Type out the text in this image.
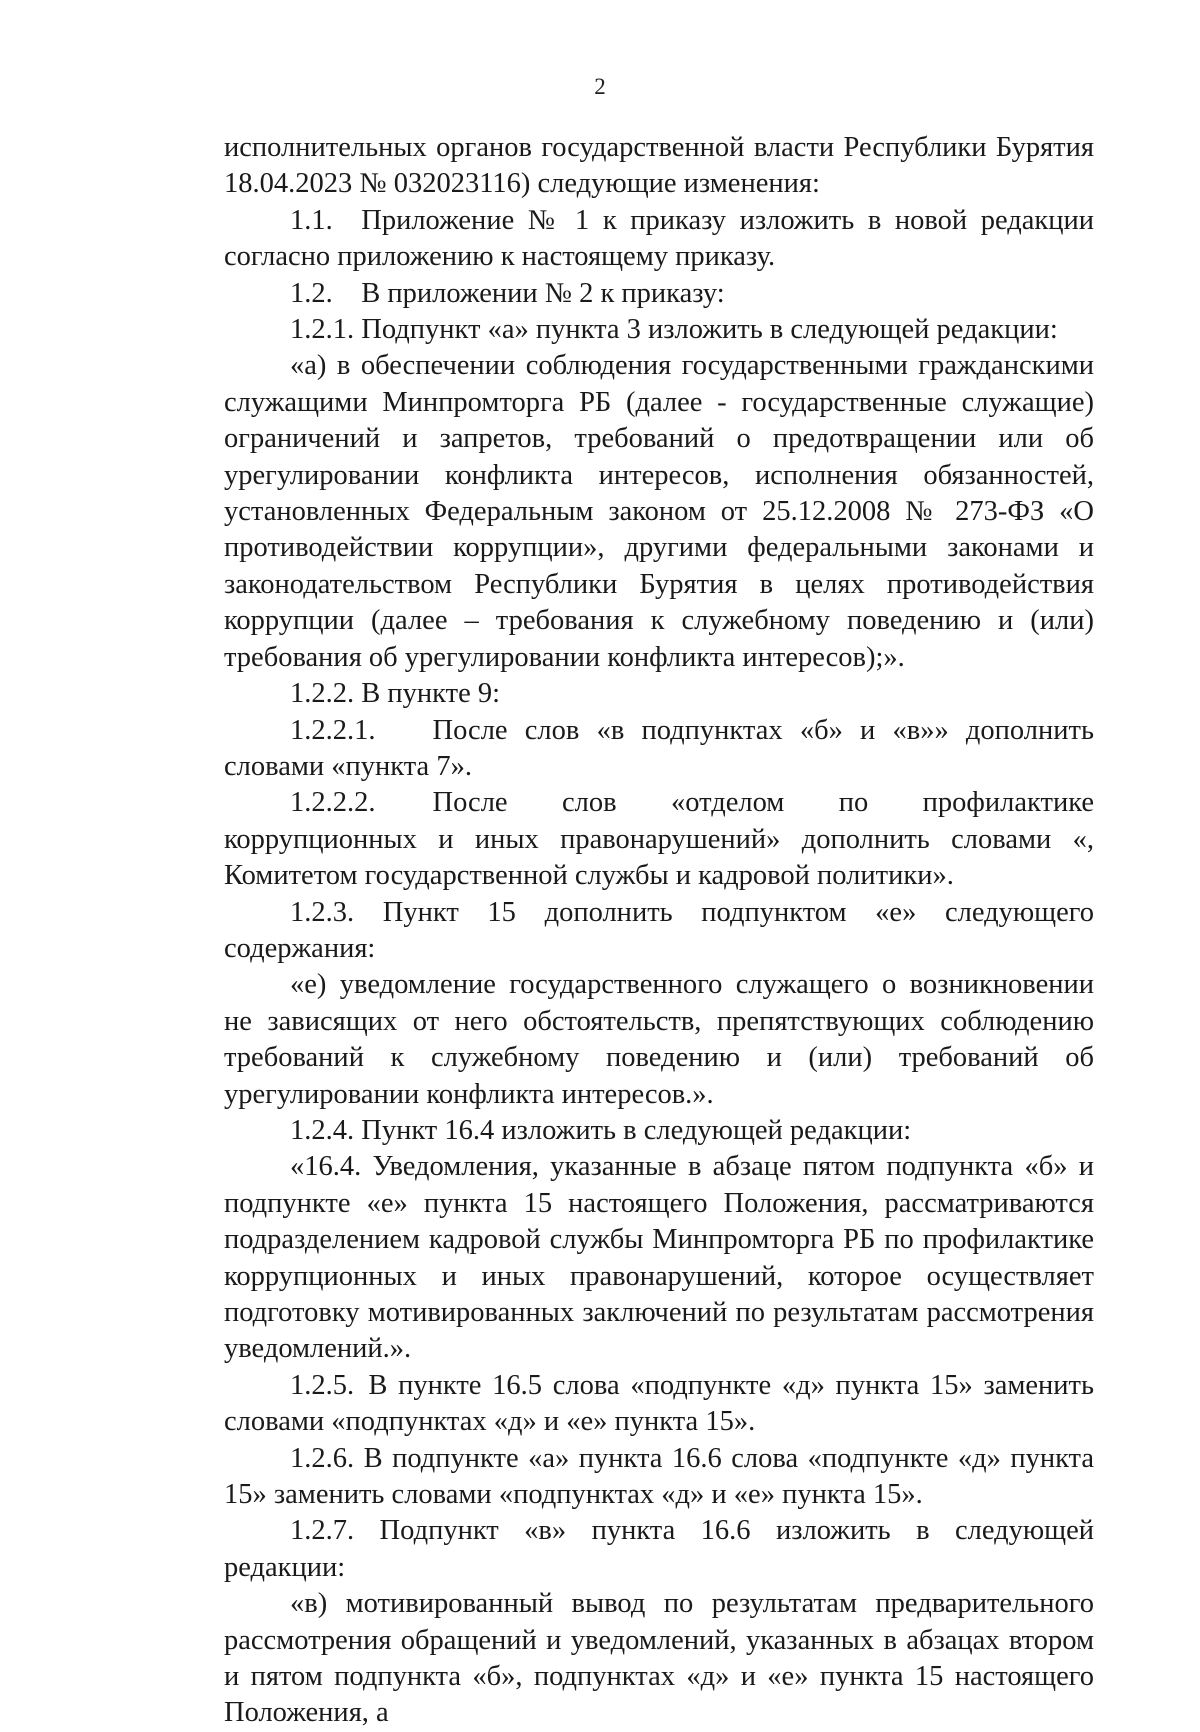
2

исполнительных органов государственной власти Республики Бурятия 18.04.2023 № 032023116) следующие изменения:

1.1. Приложение № 1 к приказу изложить в новой редакции согласно приложению к настоящему приказу.

1.2. В приложении № 2 к приказу:

1.2.1. Подпункт «а» пункта 3 изложить в следующей редакции:

«а) в обеспечении соблюдения государственными гражданскими служащими Минпромторга РБ (далее - государственные служащие) ограничений и запретов, требований о предотвращении или об урегулировании конфликта интересов, исполнения обязанностей, установленных Федеральным законом от 25.12.2008 № 273-ФЗ «О противодействии коррупции», другими федеральными законами и законодательством Республики Бурятия в целях противодействия коррупции (далее – требования к служебному поведению и (или) требования об урегулировании конфликта интересов);».

1.2.2. В пункте 9:

1.2.2.1.  После слов «в подпунктах «б» и «в»» дополнить словами «пункта 7».

1.2.2.2.  После слов «отделом по профилактике коррупционных и иных правонарушений» дополнить словами «, Комитетом государственной службы и кадровой политики».

1.2.3. Пункт 15 дополнить подпунктом «е» следующего содержания:

«е) уведомление государственного служащего о возникновении не зависящих от него обстоятельств, препятствующих соблюдению требований к служебному поведению и (или) требований об урегулировании конфликта интересов.».

1.2.4. Пункт 16.4 изложить в следующей редакции:

«16.4. Уведомления, указанные в абзаце пятом подпункта «б» и подпункте «е» пункта 15 настоящего Положения, рассматриваются подразделением кадровой службы Минпромторга РБ по профилактике коррупционных и иных правонарушений, которое осуществляет подготовку мотивированных заключений по результатам рассмотрения уведомлений.».

1.2.5. В пункте 16.5 слова «подпункте «д» пункта 15» заменить словами «подпунктах «д» и «е» пункта 15».

1.2.6. В подпункте «а» пункта 16.6 слова «подпункте «д» пункта 15» заменить словами «подпунктах «д» и «е» пункта 15».

1.2.7. Подпункт «в» пункта 16.6 изложить в следующей редакции:

«в) мотивированный вывод по результатам предварительного рассмотрения обращений и уведомлений, указанных в абзацах втором и пятом подпункта «б», подпунктах «д» и «е» пункта 15 настоящего Положения, а
